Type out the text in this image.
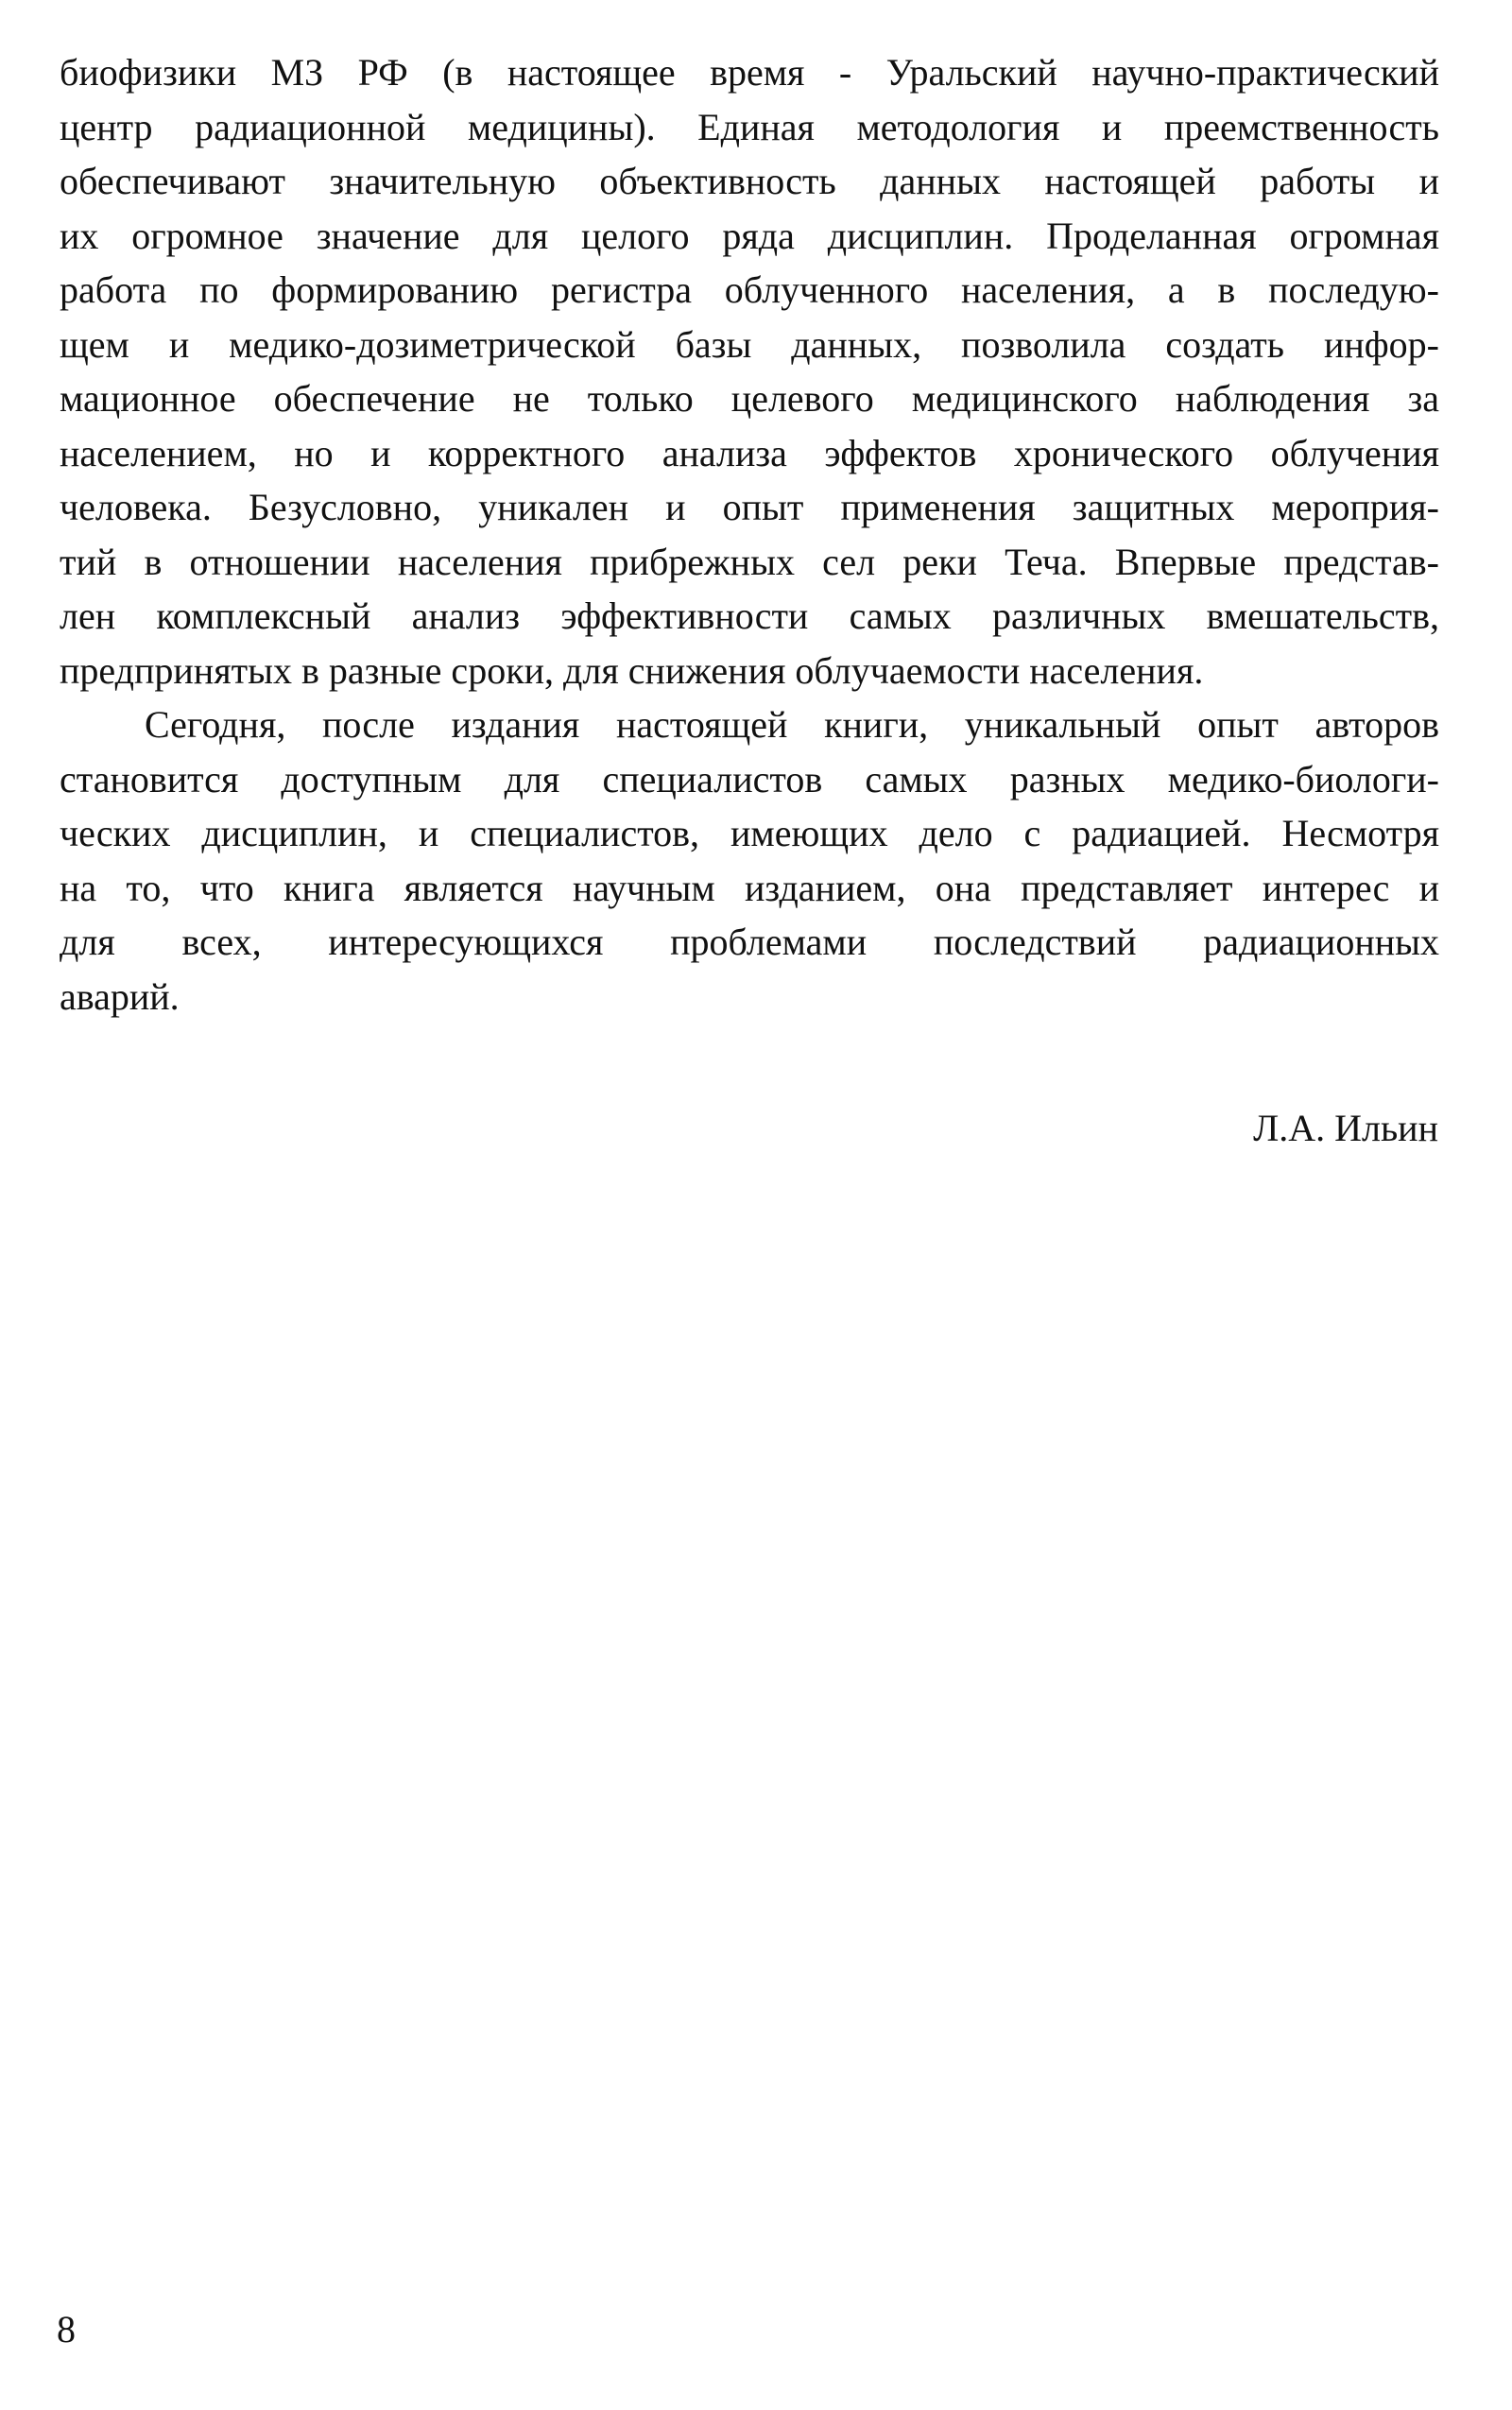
биофизики МЗ РФ (в настоящее время - Уральский научно-практический
центр радиационной медицины). Единая методология и преемственность
обеспечивают значительную объективность данных настоящей работы и
их огромное значение для целого ряда дисциплин. Проделанная огромная
работа по формированию регистра облученного населения, а в последую-
щем и медико-дозиметрической базы данных, позволила создать инфор-
мационное обеспечение не только целевого медицинского наблюдения за
населением, но и корректного анализа эффектов хронического облучения
человека. Безусловно, уникален и опыт применения защитных мероприя-
тий в отношении населения прибрежных сел реки Теча. Впервые представ-
лен комплексный анализ эффективности самых различных вмешательств,
предпринятых в разные сроки, для снижения облучаемости населения.
Сегодня, после издания настоящей книги, уникальный опыт авторов
становится доступным для специалистов самых разных медико-биологи-
ческих дисциплин, и специалистов, имеющих дело с радиацией. Несмотря
на то, что книга является научным изданием, она представляет интерес и
для всех, интересующихся проблемами последствий радиационных
аварий.
Л.А. Ильин
8
